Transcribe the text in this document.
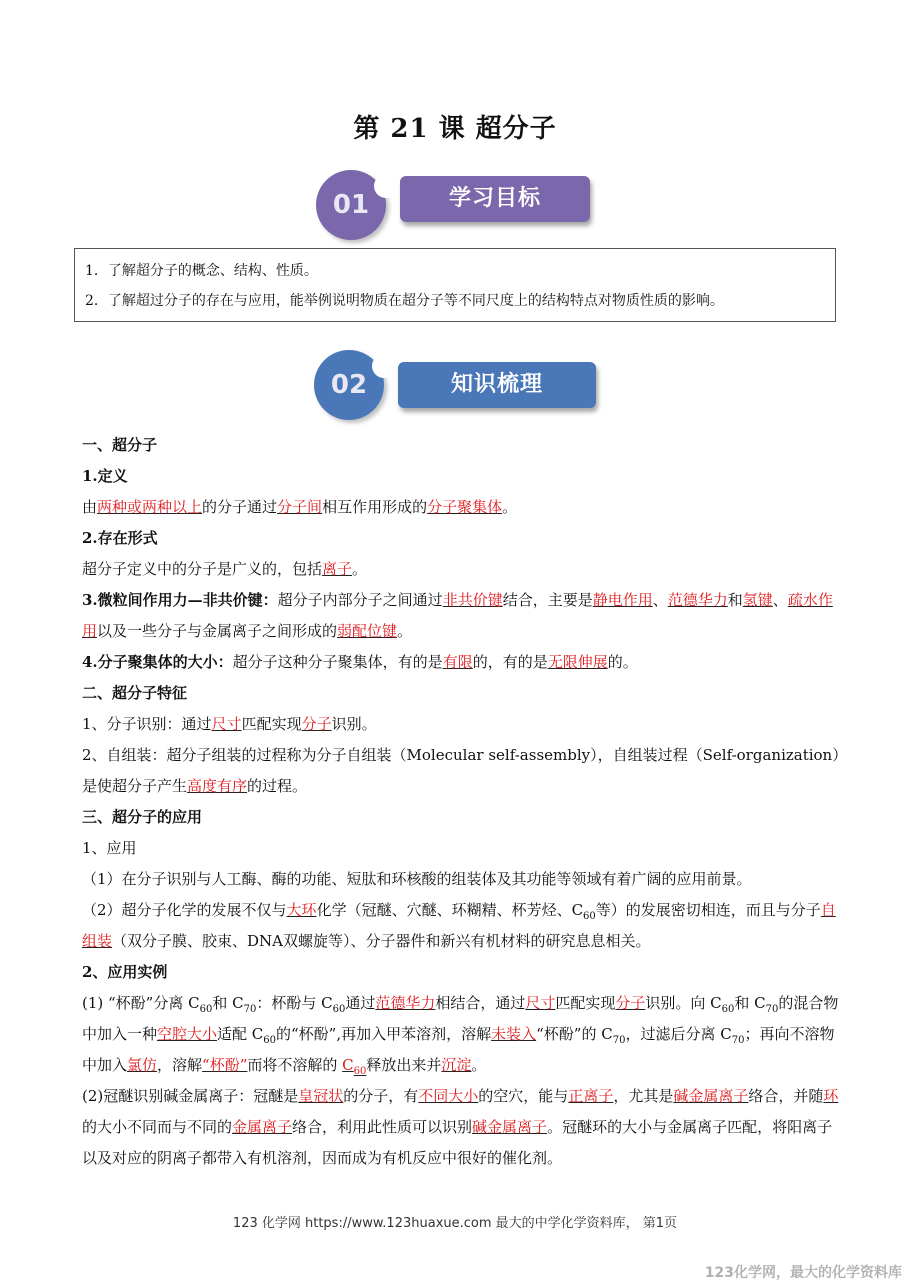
第 21 课 超分子
01	学习目标
1．了解超分子的概念、结构、性质。
2．了解超过分子的存在与应用，能举例说明物质在超分子等不同尺度上的结构特点对物质性质的影响。
02	知识梳理

一、超分子

1.定义

由两种或两种以上的分子通过分子间相互作用形成的分子聚集体。

2.存在形式

超分子定义中的分子是广义的，包括离子。

3.微粒间作用力—非共价键：超分子内部分子之间通过非共价键结合，主要是静电作用、范德华力和氢键、疏水作用以及一些分子与金属离子之间形成的弱配位键。

4.分子聚集体的大小：超分子这种分子聚集体，有的是有限的，有的是无限伸展的。

二、超分子特征

1、分子识别：通过尺寸匹配实现分子识别。

2、自组装：超分子组装的过程称为分子自组装（Molecular self-assembly），自组装过程（Self-organization）是使超分子产生高度有序的过程。

三、超分子的应用

1、应用

（1）在分子识别与人工酶、酶的功能、短肽和环核酸的组装体及其功能等领域有着广阔的应用前景。

（2）超分子化学的发展不仅与大环化学（冠醚、穴醚、环糊精、杯芳烃、$C_{60}$等）的发展密切相连，而且与分子自组装（双分子膜、胶束、DNA双螺旋等）、分子器件和新兴有机材料的研究息息相关。

2、应用实例

(1) “杯酚”分离 $C_{60}$和 $C_{70}$：杯酚与 $C_{60}$通过范德华力相结合，通过尺寸匹配实现分子识别。向 $C_{60}$和 $C_{70}$的混合物中加入一种空腔大小适配 $C_{60}$的“杯酚”,再加入甲苯溶剂，溶解未装入“杯酚”的 $C_{70}$，过滤后分离 $C_{70}$；再向不溶物中加入氯仿，溶解“杯酚”而将不溶解的 $C_{60}$释放出来并沉淀。

(2)冠醚识别碱金属离子：冠醚是皇冠状的分子，有不同大小的空穴，能与正离子，尤其是碱金属离子络合，并随环的大小不同而与不同的金属离子络合，利用此性质可以识别碱金属离子。冠醚环的大小与金属离子匹配，将阳离子以及对应的阴离子都带入有机溶剂，因而成为有机反应中很好的催化剂。

123 化学网 https://www.123huaxue.com 最大的中学化学资料库， 第1页
123化学网，最大的化学资料库
